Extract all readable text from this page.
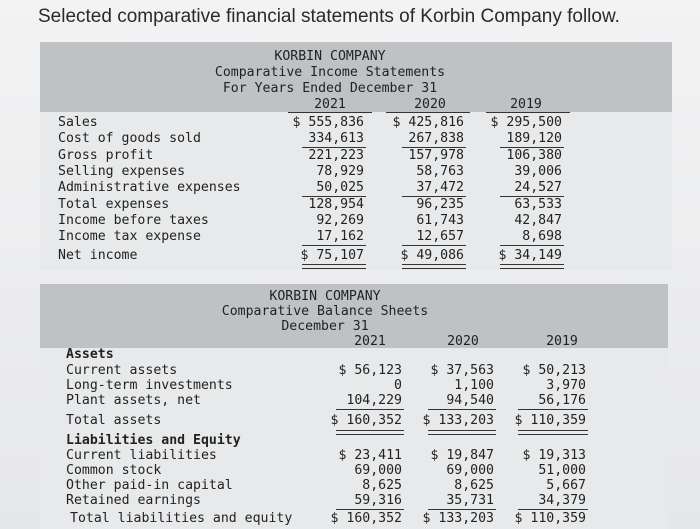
Selected comparative financial statements of Korbin Company follow.
KORBIN COMPANY
Comparative Income Statements
For Years Ended December 31
2021	2020	2019
Sales	$ 555,836	$ 425,816	$ 295,500
Cost of goods sold	334,613	267,838	189,120
Gross profit	221,223	157,978	106,380
Selling expenses	78,929	58,763	39,006
Administrative expenses	50,025	37,472	24,527
Total expenses	128,954	96,235	63,533
Income before taxes	92,269	61,743	42,847
Income tax expense	17,162	12,657	8,698
Net income	$ 75,107	$ 49,086	$ 34,149
KORBIN COMPANY
Comparative Balance Sheets
December 31
2021	2020	2019
Assets
Current assets	$ 56,123	$ 37,563	$ 50,213
Long-term investments	0	1,100	3,970
Plant assets, net	104,229	94,540	56,176
Total assets	$ 160,352	$ 133,203	$ 110,359
Liabilities and Equity
Current liabilities	$ 23,411	$ 19,847	$ 19,313
Common stock	69,000	69,000	51,000
Other paid-in capital	8,625	8,625	5,667
Retained earnings	59,316	35,731	34,379
Total liabilities and equity	$ 160,352	$ 133,203	$ 110,359
